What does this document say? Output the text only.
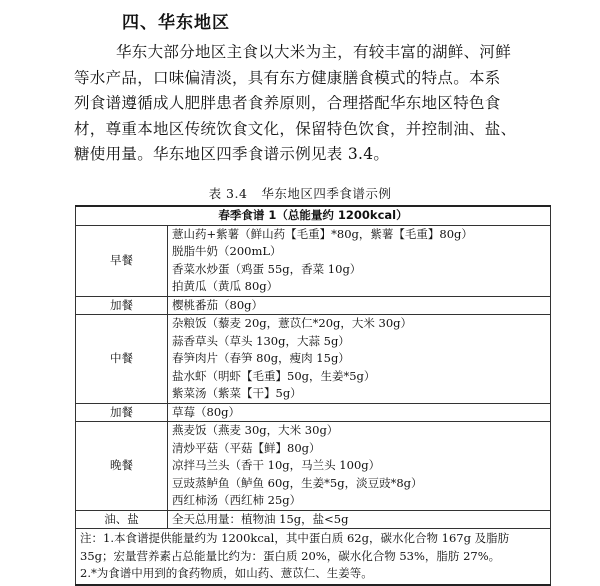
四、华东地区
华东大部分地区主食以大米为主，有较丰富的湖鲜、河鲜
等水产品，口味偏清淡，具有东方健康膳食模式的特点。本系
列食谱遵循成人肥胖患者食养原则，合理搭配华东地区特色食
材，尊重本地区传统饮食文化，保留特色饮食，并控制油、盐、
糖使用量。华东地区四季食谱示例见表 3.4。
表 3.4 华东地区四季食谱示例
春季食谱 1（总能量约 1200kcal）	
早餐	薏山药+紫薯（鲜山药【毛重】*80g，紫薯【毛重】80g）
脱脂牛奶（200mL）
香菜水炒蛋（鸡蛋 55g，香菜 10g）
拍黄瓜（黄瓜 80g）

加餐	樱桃番茄（80g）

中餐	杂粮饭（藜麦 20g，薏苡仁*20g，大米 30g）
蒜香草头（草头 130g，大蒜 5g）
春笋肉片（春笋 80g，瘦肉 15g）
盐水虾（明虾【毛重】50g，生姜*5g）
紫菜汤（紫菜【干】5g）

加餐	草莓（80g）

晚餐	燕麦饭（燕麦 30g，大米 30g）
清炒平菇（平菇【鲜】80g）
凉拌马兰头（香干 10g，马兰头 100g）
豆豉蒸鲈鱼（鲈鱼 60g，生姜*5g，淡豆豉*8g）
西红柿汤（西红柿 25g）

油、盐	全天总用量：植物油 15g，盐<5g

注：1.本食谱提供能量约为 1200kcal，其中蛋白质 62g，碳水化合物 167g 及脂肪
35g；宏量营养素占总能量比约为：蛋白质 20%，碳水化合物 53%，脂肪 27%。
2.*为食谱中用到的食药物质，如山药、薏苡仁、生姜等。	
